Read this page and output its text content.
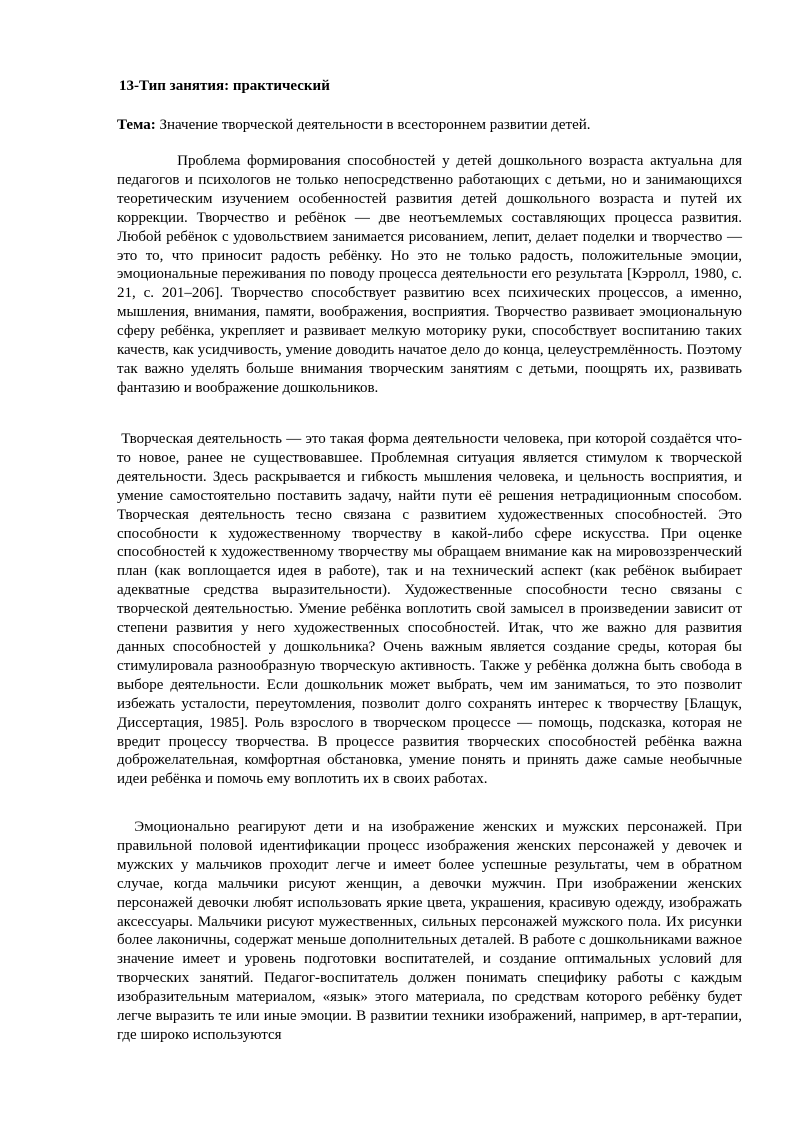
13-Тип занятия: практический
Тема: Значение творческой деятельности в всестороннем развитии детей.

Проблема формирования способностей у детей дошкольного возраста актуальна для педагогов и психологов не только непосредственно работающих с детьми, но и занимающихся теоретическим изучением особенностей развития детей дошкольного возраста и путей их коррекции. Творчество и ребёнок — две неотъемлемых составляющих процесса развития. Любой ребёнок с удовольствием занимается рисованием, лепит, делает поделки и творчество — это то, что приносит радость ребёнку. Но это не только радость, положительные эмоции, эмоциональные переживания по поводу процесса деятельности его результата [Кэрролл, 1980, с. 21, с. 201–206]. Творчество способствует развитию всех психических процессов, а именно, мышления, внимания, памяти, воображения, восприятия. Творчество развивает эмоциональную сферу ребёнка, укрепляет и развивает мелкую моторику руки, способствует воспитанию таких качеств, как усидчивость, умение доводить начатое дело до конца, целеустремлённость. Поэтому так важно уделять больше внимания творческим занятиям с детьми, поощрять их, развивать фантазию и воображение дошкольников.

Творческая деятельность — это такая форма деятельности человека, при которой создаётся что-то новое, ранее не существовавшее. Проблемная ситуация является стимулом к творческой деятельности. Здесь раскрывается и гибкость мышления человека, и цельность восприятия, и умение самостоятельно поставить задачу, найти пути её решения нетрадиционным способом. Творческая деятельность тесно связана с развитием художественных способностей. Это способности к художественному творчеству в какой-либо сфере искусства. При оценке способностей к художественному творчеству мы обращаем внимание как на мировоззренческий план (как воплощается идея в работе), так и на технический аспект (как ребёнок выбирает адекватные средства выразительности). Художественные способности тесно связаны с творческой деятельностью. Умение ребёнка воплотить свой замысел в произведении зависит от степени развития у него художественных способностей. Итак, что же важно для развития данных способностей у дошкольника? Очень важным является создание среды, которая бы стимулировала разнообразную творческую активность. Также у ребёнка должна быть свобода в выборе деятельности. Если дошкольник может выбрать, чем им заниматься, то это позволит избежать усталости, переутомления, позволит долго сохранять интерес к творчеству [Блащук, Диссертация, 1985]. Роль взрослого в творческом процессе — помощь, подсказка, которая не вредит процессу творчества. В процессе развития творческих способностей ребёнка важна доброжелательная, комфортная обстановка, умение понять и принять даже самые необычные идеи ребёнка и помочь ему воплотить их в своих работах.

Эмоционально реагируют дети и на изображение женских и мужских персонажей. При правильной половой идентификации процесс изображения женских персонажей у девочек и мужских у мальчиков проходит легче и имеет более успешные результаты, чем в обратном случае, когда мальчики рисуют женщин, а девочки мужчин. При изображении женских персонажей девочки любят использовать яркие цвета, украшения, красивую одежду, изображать аксессуары. Мальчики рисуют мужественных, сильных персонажей мужского пола. Их рисунки более лаконичны, содержат меньше дополнительных деталей. В работе с дошкольниками важное значение имеет и уровень подготовки воспитателей, и создание оптимальных условий для творческих занятий. Педагог-воспитатель должен понимать специфику работы с каждым изобразительным материалом, «язык» этого материала, по средствам которого ребёнку будет легче выразить те или иные эмоции. В развитии техники изображений, например, в арт-терапии, где широко используются
